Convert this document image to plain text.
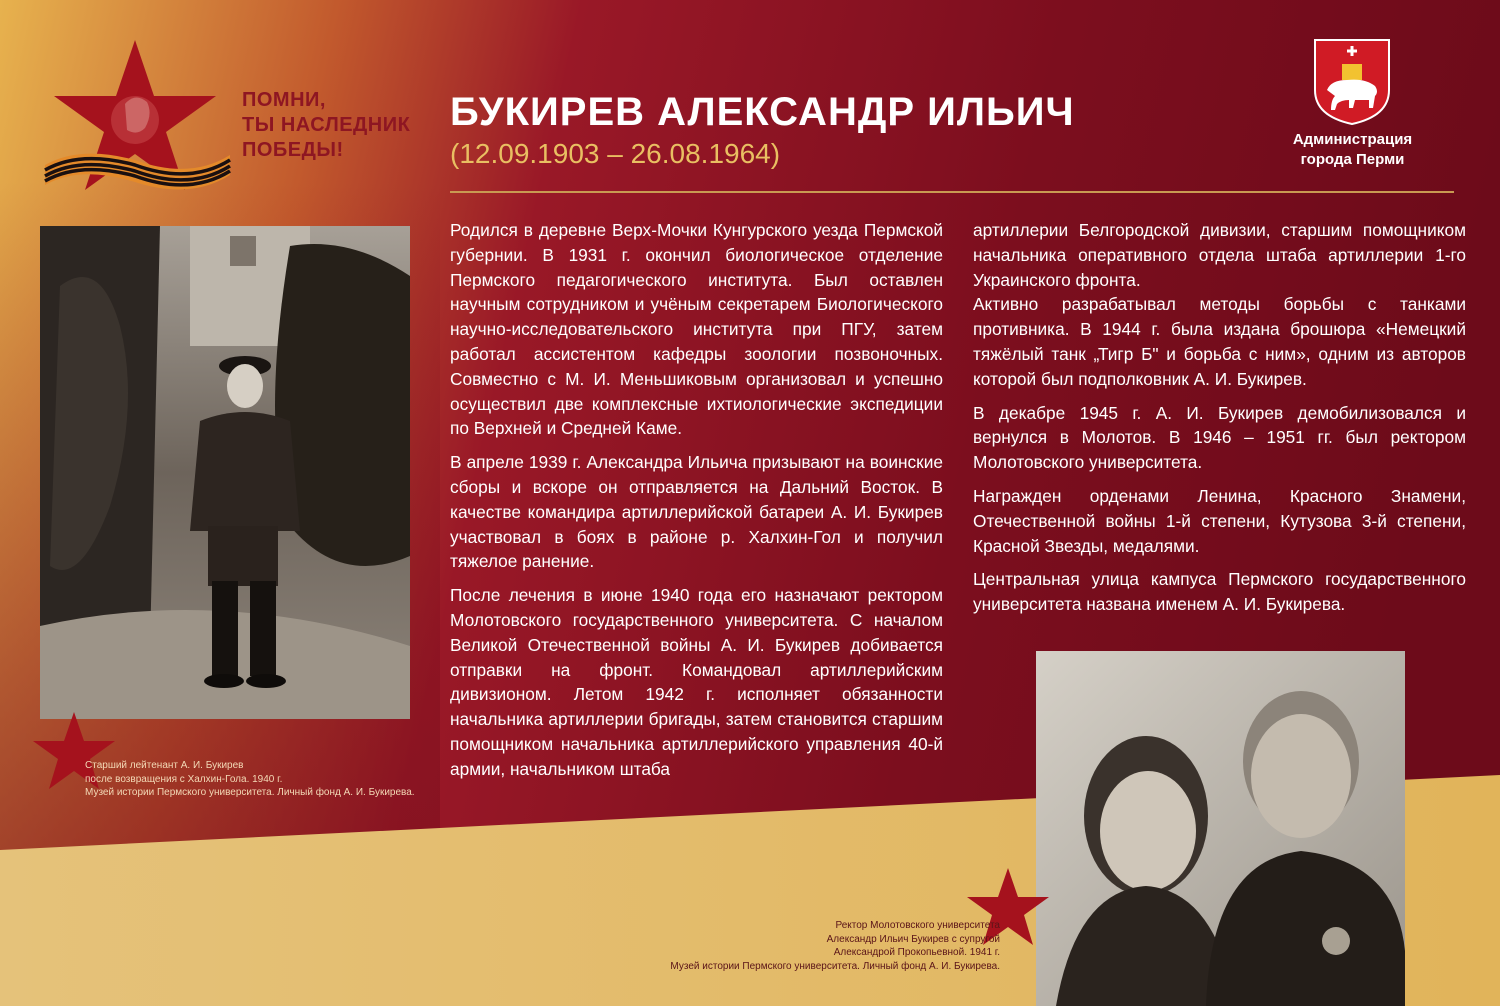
ПОМНИ,
ТЫ НАСЛЕДНИК
ПОБЕДЫ!
БУКИРЕВ АЛЕКСАНДР ИЛЬИЧ
(12.09.1903 – 26.08.1964)	Администрация
города Перми
Старший лейтенант А. И. Букирев
после возвращения с Халхин-Гола. 1940 г.
Музей истории Пермского университета. Личный фонд А. И. Букирева.

Родился в деревне Верх-Мочки Кунгурского уезда Пермской губернии. В 1931 г. окончил биологическое отделение Пермского педагогического института. Был оставлен научным сотрудником и учёным секретарем Биологического научно-исследовательского института при ПГУ, затем работал ассистентом кафедры зоологии позвоночных. Совместно с М. И. Меньшиковым организовал и успешно осуществил две комплексные ихтиологические экспедиции по Верхней и Средней Каме.

В апреле 1939 г. Александра Ильича призывают на воинские сборы и вскоре он отправляется на Дальний Восток. В качестве командира артиллерийской батареи А. И. Букирев участвовал в боях в районе р. Халхин-Гол и получил тяжелое ранение.

После лечения в июне 1940 года его назначают ректором Молотовского государственного университета. С началом Великой Отечественной войны А. И. Букирев добивается отправки на фронт. Командовал артиллерийским дивизионом. Летом 1942 г. исполняет обязанности начальника артиллерии бригады, затем становится старшим помощником начальника артиллерийского управления 40-й армии, начальником штаба

артиллерии Белгородской дивизии, старшим помощником начальника оперативного отдела штаба артиллерии 1-го Украинского фронта.

Активно разрабатывал методы борьбы с танками противника. В 1944 г. была издана брошюра «Немецкий тяжёлый танк „Тигр Б" и борьба с ним», одним из авторов которой был подполковник А. И. Букирев.

В декабре 1945 г. А. И. Букирев демобилизовался и вернулся в Молотов. В 1946 – 1951 гг. был ректором Молотовского университета.

Награжден орденами Ленина, Красного Знамени, Отечественной войны 1-й степени, Кутузова 3-й степени, Красной Звезды, медалями.

Центральная улица кампуса Пермского государственного университета названа именем А. И. Букирева.

Ректор Молотовского университета
Александр Ильич Букирев с супругой
Александрой Прокопьевной. 1941 г.
Музей истории Пермского университета. Личный фонд А. И. Букирева.
